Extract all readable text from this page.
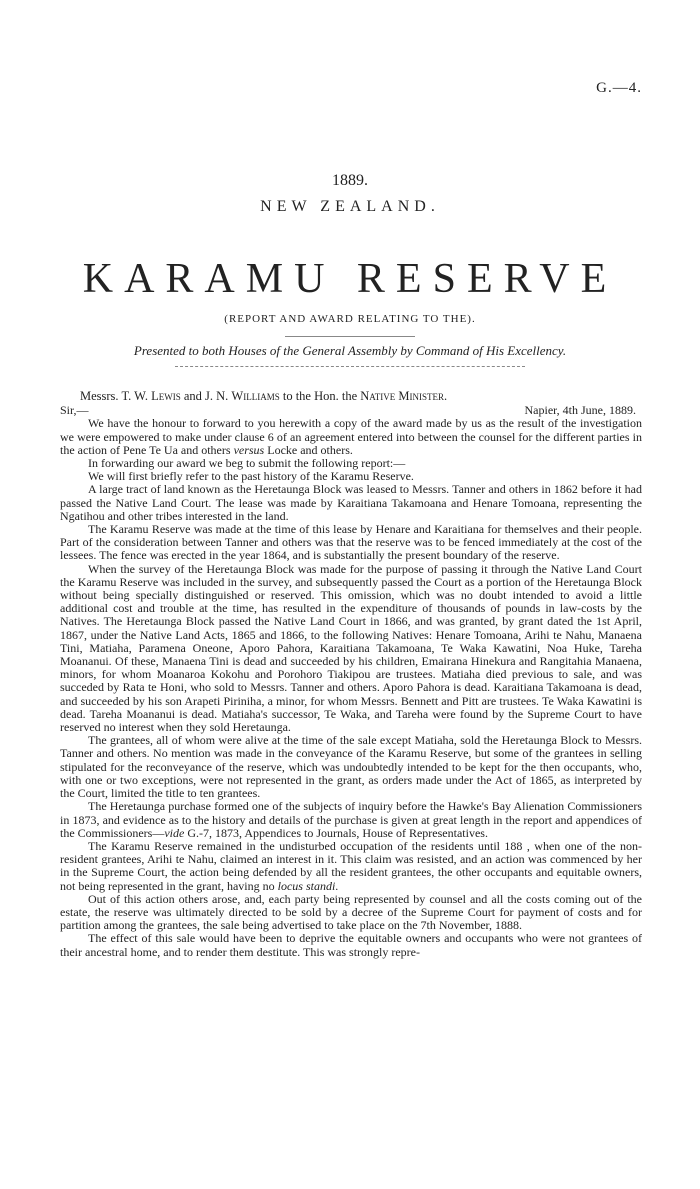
G.—4.
1889.
NEW ZEALAND.
KARAMU RESERVE
(REPORT AND AWARD RELATING TO THE).
Presented to both Houses of the General Assembly by Command of His Excellency.
Messrs. T. W. Lewis and J. N. Williams to the Hon. the Native Minister.
Sir,—	Napier, 4th June, 1889.

We have the honour to forward to you herewith a copy of the award made by us as the result of the investigation we were empowered to make under clause 6 of an agreement entered into between the counsel for the different parties in the action of Pene Te Ua and others versus Locke and others.

In forwarding our award we beg to submit the following report:—

We will first briefly refer to the past history of the Karamu Reserve.

A large tract of land known as the Heretaunga Block was leased to Messrs. Tanner and others in 1862 before it had passed the Native Land Court. The lease was made by Karaitiana Takamoana and Henare Tomoana, representing the Ngatihou and other tribes interested in the land.

The Karamu Reserve was made at the time of this lease by Henare and Karaitiana for themselves and their people. Part of the consideration between Tanner and others was that the reserve was to be fenced immediately at the cost of the lessees. The fence was erected in the year 1864, and is substantially the present boundary of the reserve.

When the survey of the Heretaunga Block was made for the purpose of passing it through the Native Land Court the Karamu Reserve was included in the survey, and subsequently passed the Court as a portion of the Heretaunga Block without being specially distinguished or reserved. This omission, which was no doubt intended to avoid a little additional cost and trouble at the time, has resulted in the expenditure of thousands of pounds in law-costs by the Natives. The Heretaunga Block passed the Native Land Court in 1866, and was granted, by grant dated the 1st April, 1867, under the Native Land Acts, 1865 and 1866, to the following Natives: Henare Tomoana, Arihi te Nahu, Manaena Tini, Matiaha, Paramena Oneone, Aporo Pahora, Karaitiana Takamoana, Te Waka Kawatini, Noa Huke, Tareha Moananui. Of these, Manaena Tini is dead and succeeded by his children, Emairana Hinekura and Rangitahia Manaena, minors, for whom Moanaroa Kokohu and Porohoro Tiakipou are trustees. Matiaha died previous to sale, and was succeded by Rata te Honi, who sold to Messrs. Tanner and others. Aporo Pahora is dead. Karaitiana Takamoana is dead, and succeeded by his son Arapeti Piriniha, a minor, for whom Messrs. Bennett and Pitt are trustees. Te Waka Kawatini is dead. Tareha Moananui is dead. Matiaha's successor, Te Waka, and Tareha were found by the Supreme Court to have reserved no interest when they sold Heretaunga.

The grantees, all of whom were alive at the time of the sale except Matiaha, sold the Heretaunga Block to Messrs. Tanner and others. No mention was made in the conveyance of the Karamu Reserve, but some of the grantees in selling stipulated for the reconveyance of the reserve, which was undoubtedly intended to be kept for the then occupants, who, with one or two exceptions, were not represented in the grant, as orders made under the Act of 1865, as interpreted by the Court, limited the title to ten grantees.

The Heretaunga purchase formed one of the subjects of inquiry before the Hawke's Bay Alienation Commissioners in 1873, and evidence as to the history and details of the purchase is given at great length in the report and appendices of the Commissioners—vide G.-7, 1873, Appendices to Journals, House of Representatives.

The Karamu Reserve remained in the undisturbed occupation of the residents until 188 , when one of the non-resident grantees, Arihi te Nahu, claimed an interest in it. This claim was resisted, and an action was commenced by her in the Supreme Court, the action being defended by all the resident grantees, the other occupants and equitable owners, not being represented in the grant, having no locus standi.

Out of this action others arose, and, each party being represented by counsel and all the costs coming out of the estate, the reserve was ultimately directed to be sold by a decree of the Supreme Court for payment of costs and for partition among the grantees, the sale being advertised to take place on the 7th November, 1888.

The effect of this sale would have been to deprive the equitable owners and occupants who were not grantees of their ancestral home, and to render them destitute. This was strongly repre-
